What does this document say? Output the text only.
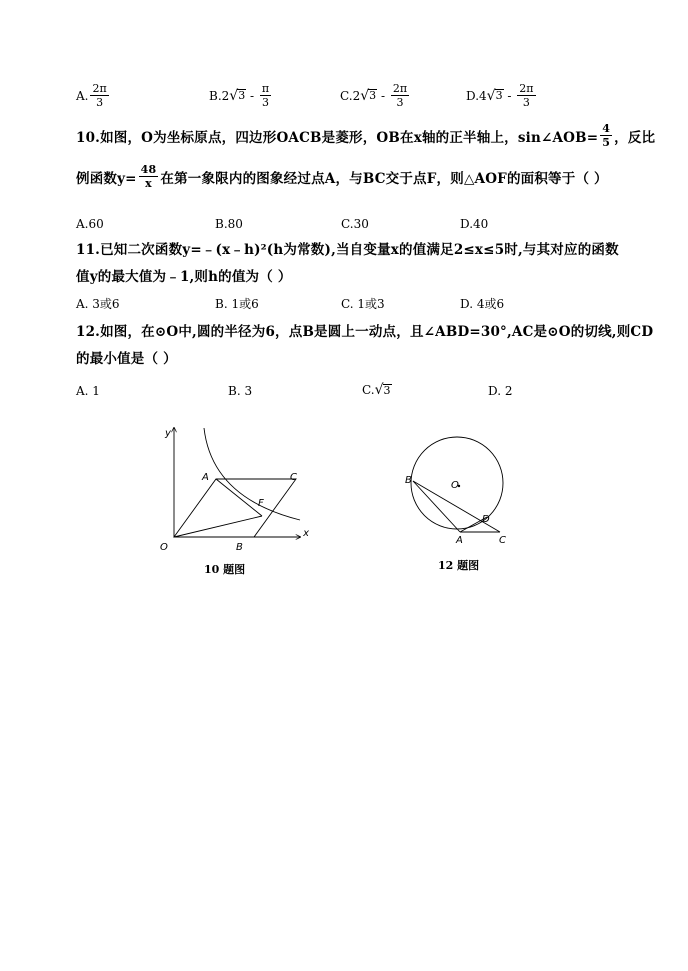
A. $\frac{2\pi}{3}$	B. 2 √ $3 - \frac{\pi}{3}$	C. 2 √ $3 - \frac{2\pi}{3}$	D. 4 √ $3 - \frac{2\pi}{3}$
10.如图，O为坐标原点，四边形OACB是菱形，OB在x轴的正半轴上，sin∠AOB= $\frac{4}{5}$ ，反比
例函数$y= \frac{48}{x}$ 在第一象限内的图象经过点A，与BC交于点F，则△AOF的面积等于（ ）
A.60	B.80	C.30	D.40
11.已知二次函数y=﹣(x﹣h)²(h为常数),当自变量x的值满足2≤x≤5时,与其对应的函数
值y的最大值为﹣1,则h的值为（ ）
A. 3或6	B. 1或6	C. 1或3	D. 4或6
12.如图，在⊙O中,圆的半径为6，点B是圆上一动点，且∠ABD=30°,AC是⊙O的切线,则CD
的最小值是（ ）
A. 1	B. 3	C. √ 3	D. 2
x
y
O
A	C
F
B
10 题图
B	O
D
A	C
12 题图
